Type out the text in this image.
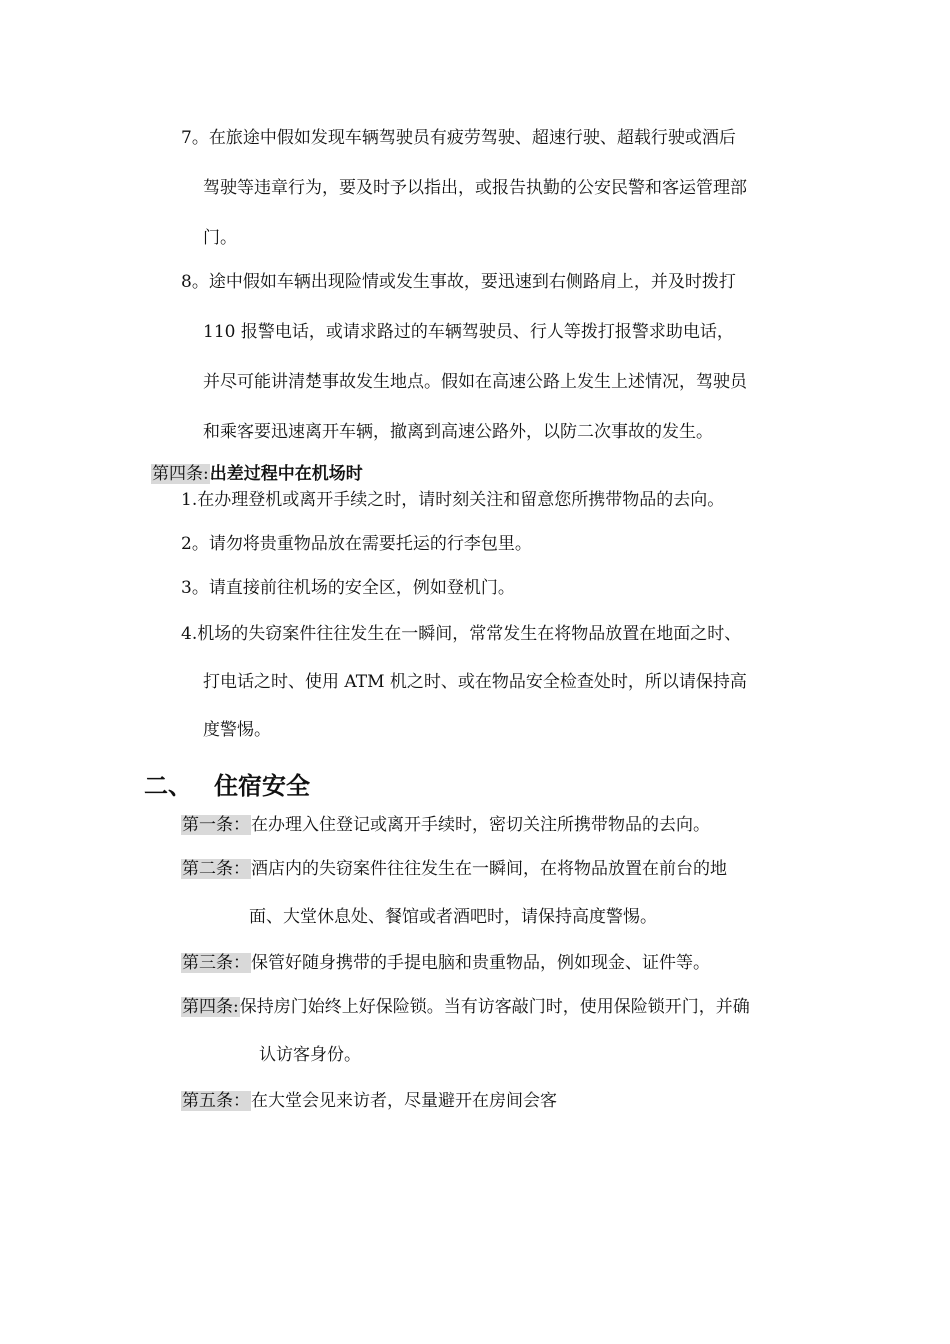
7。在旅途中假如发现车辆驾驶员有疲劳驾驶、超速行驶、超载行驶或酒后
驾驶等违章行为，要及时予以指出，或报告执勤的公安民警和客运管理部
门。
8。途中假如车辆出现险情或发生事故，要迅速到右侧路肩上，并及时拨打
110 报警电话，或请求路过的车辆驾驶员、行人等拨打报警求助电话，
并尽可能讲清楚事故发生地点。假如在高速公路上发生上述情况，驾驶员
和乘客要迅速离开车辆，撤离到高速公路外，以防二次事故的发生。
第四条:出差过程中在机场时
1.在办理登机或离开手续之时，请时刻关注和留意您所携带物品的去向。
2。请勿将贵重物品放在需要托运的行李包里。
3。请直接前往机场的安全区，例如登机门。
4.机场的失窃案件往往发生在一瞬间，常常发生在将物品放置在地面之时、
打电话之时、使用 ATM 机之时、或在物品安全检查处时，所以请保持高
度警惕。
二、 住宿安全
第一条：在办理入住登记或离开手续时，密切关注所携带物品的去向。
第二条：酒店内的失窃案件往往发生在一瞬间，在将物品放置在前台的地
面、大堂休息处、餐馆或者酒吧时，请保持高度警惕。
第三条：保管好随身携带的手提电脑和贵重物品，例如现金、证件等。
第四条:保持房门始终上好保险锁。当有访客敲门时，使用保险锁开门，并确
认访客身份。
第五条：在大堂会见来访者，尽量避开在房间会客
